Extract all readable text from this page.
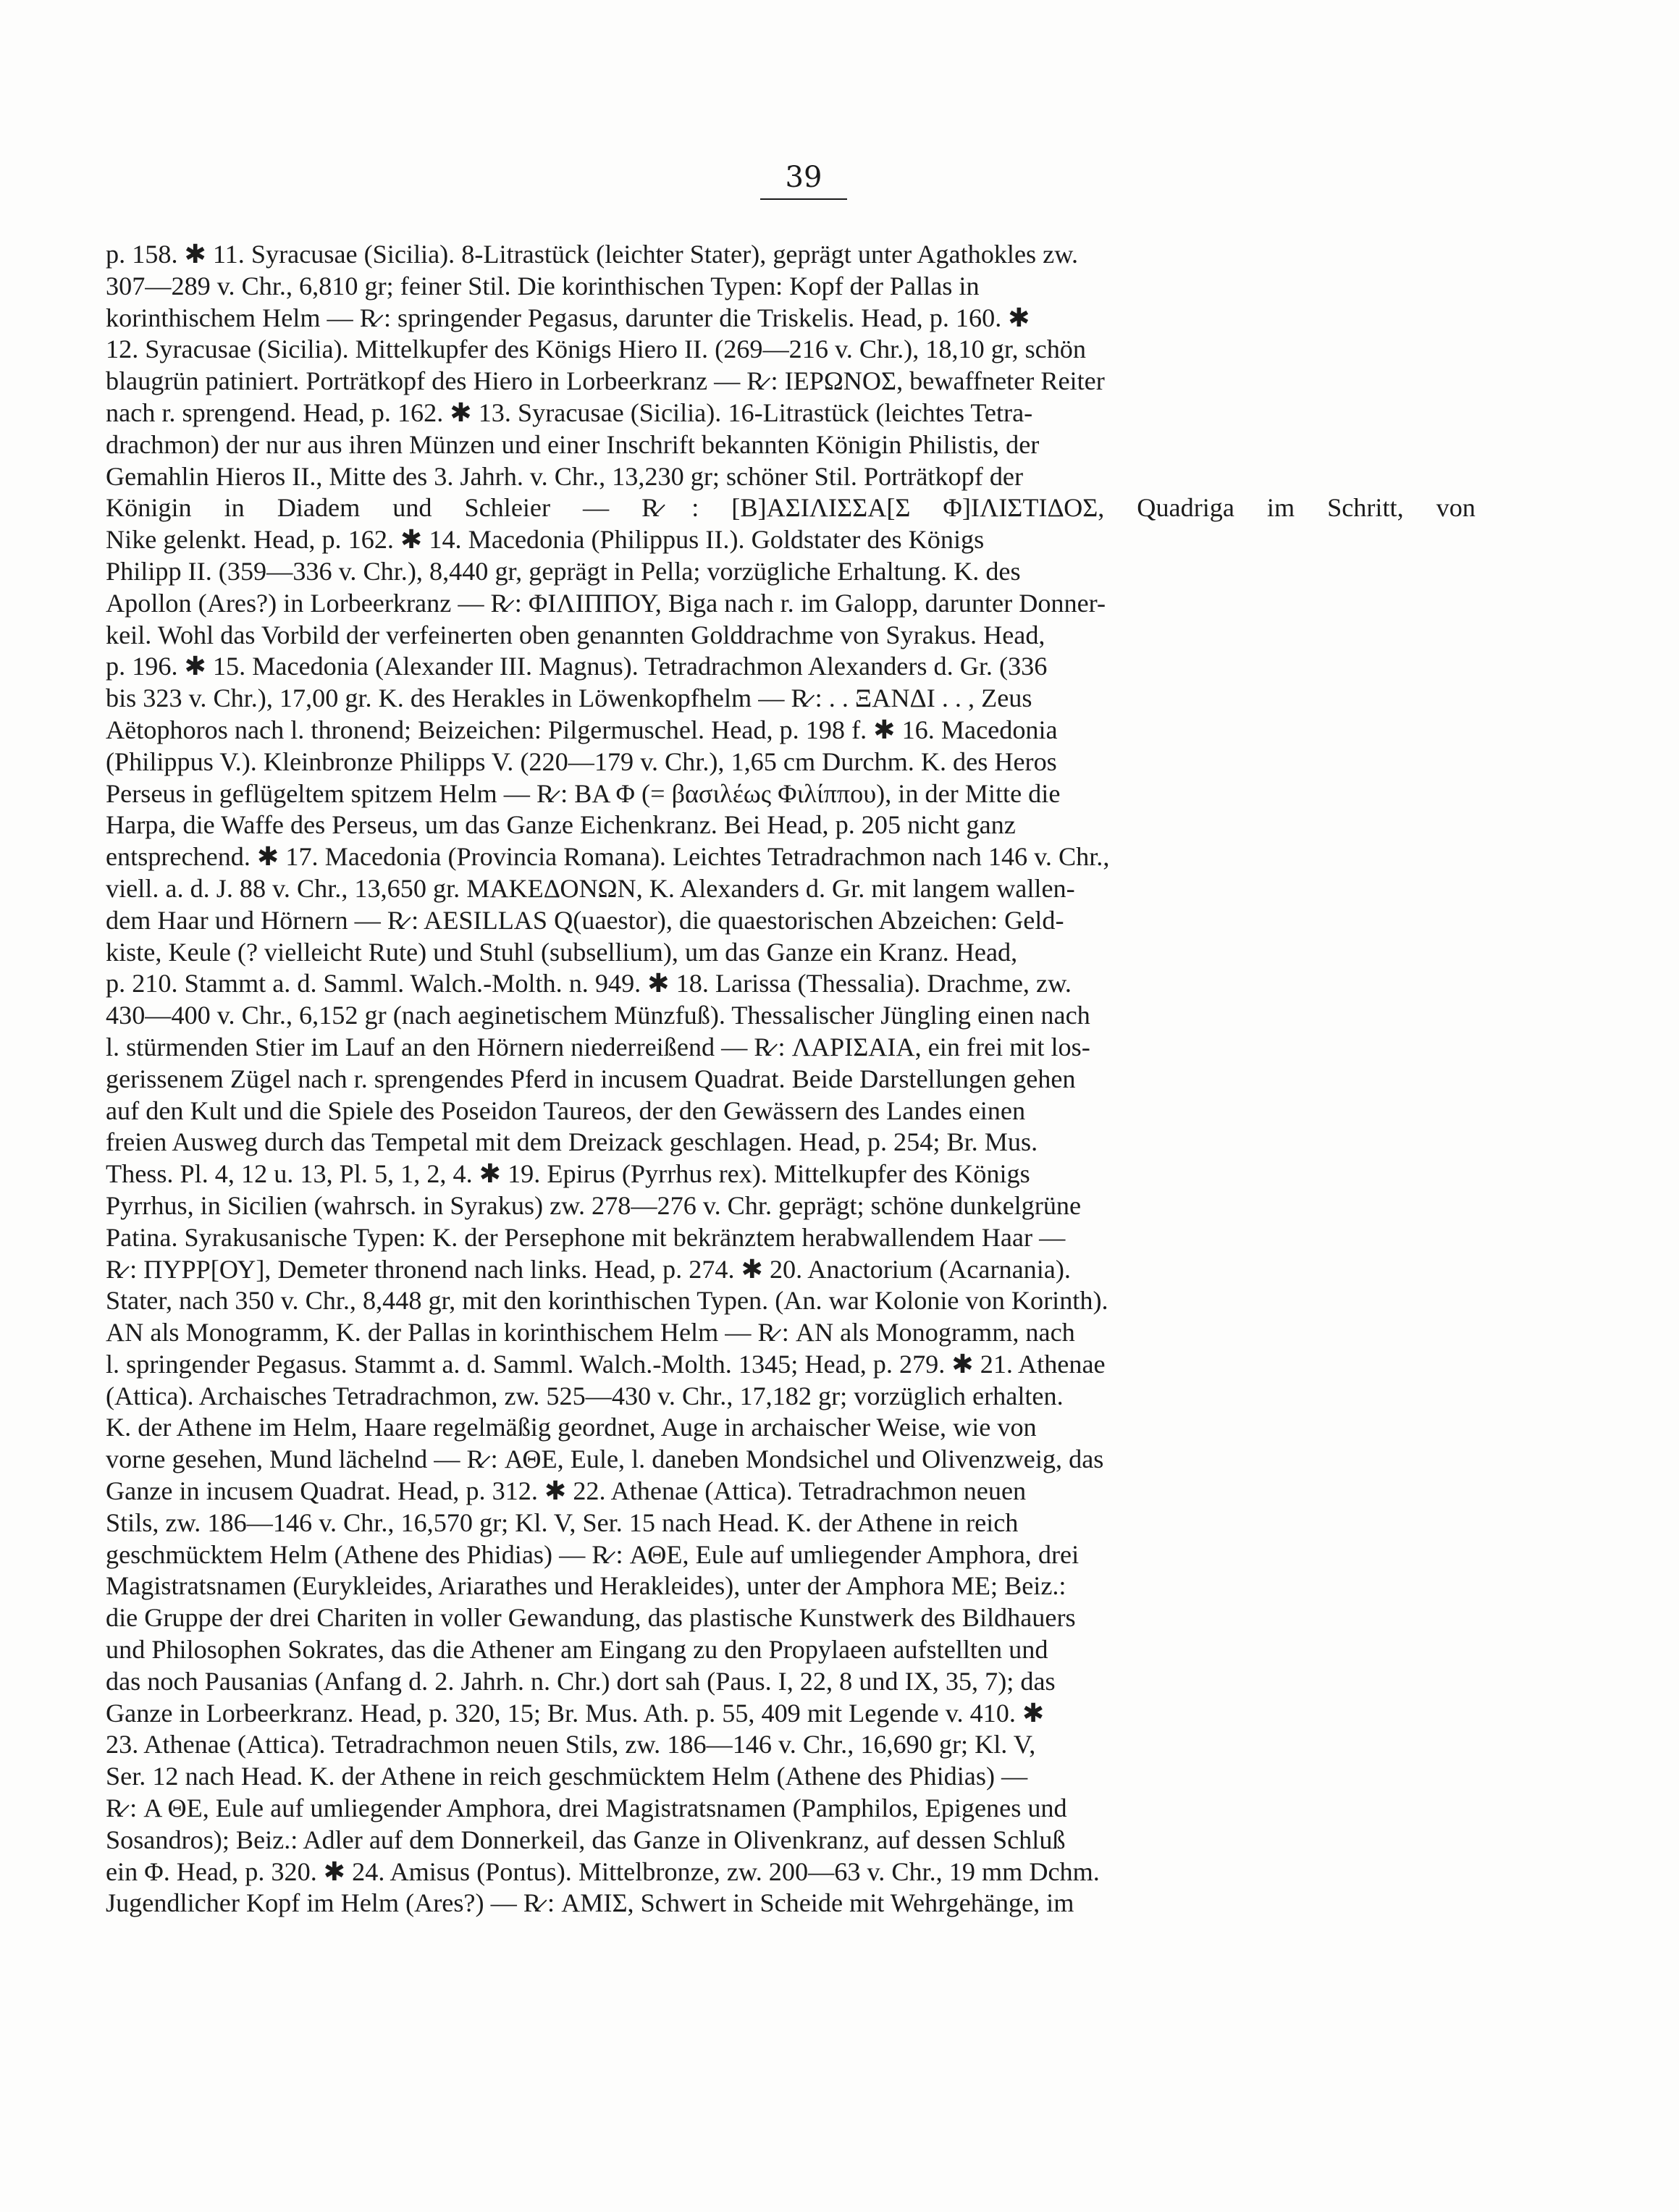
39
p. 158. ✱ 11. Syracusae (Sicilia). 8-Litrastück (leichter Stater), geprägt unter Agathokles zw.
307—289 v. Chr., 6,810 gr; feiner Stil. Die korinthischen Typen: Kopf der Pallas in
korinthischem Helm — R̷ : springender Pegasus, darunter die Triskelis. Head, p. 160. ✱
12. Syracusae (Sicilia). Mittelkupfer des Königs Hiero II. (269—216 v. Chr.), 18,10 gr, schön
blaugrün patiniert. Porträtkopf des Hiero in Lorbeerkranz — R̷ : ΙΕΡΩΝΟΣ, bewaffneter Reiter
nach r. sprengend. Head, p. 162. ✱ 13. Syracusae (Sicilia). 16-Litrastück (leichtes Tetra-
drachmon) der nur aus ihren Münzen und einer Inschrift bekannten Königin Philistis, der
Gemahlin Hieros II., Mitte des 3. Jahrh. v. Chr., 13,230 gr; schöner Stil. Porträtkopf der
Königin in Diadem und Schleier — R̷ : [Β]ΑΣΙΛΙΣΣΑ[Σ Φ]ΙΛΙΣΤΙΔΟΣ, Quadriga im Schritt, von
Nike gelenkt. Head, p. 162. ✱ 14. Macedonia (Philippus II.). Goldstater des Königs
Philipp II. (359—336 v. Chr.), 8,440 gr, geprägt in Pella; vorzügliche Erhaltung. K. des
Apollon (Ares?) in Lorbeerkranz — R̷ : ΦΙΛΙΠΠΟΥ, Biga nach r. im Galopp, darunter Donner-
keil. Wohl das Vorbild der verfeinerten oben genannten Golddrachme von Syrakus. Head,
p. 196. ✱ 15. Macedonia (Alexander III. Magnus). Tetradrachmon Alexanders d. Gr. (336
bis 323 v. Chr.), 17,00 gr. K. des Herakles in Löwenkopfhelm — R̷ : . . ΞΑΝΔΙ . . , Zeus
Aëtophoros nach l. thronend; Beizeichen: Pilgermuschel. Head, p. 198 f. ✱ 16. Macedonia
(Philippus V.). Kleinbronze Philipps V. (220—179 v. Chr.), 1,65 cm Durchm. K. des Heros
Perseus in geflügeltem spitzem Helm — R̷ : ΒΑ Φ (= βασιλέως Φιλίππου), in der Mitte die
Harpa, die Waffe des Perseus, um das Ganze Eichenkranz. Bei Head, p. 205 nicht ganz
entsprechend. ✱ 17. Macedonia (Provincia Romana). Leichtes Tetradrachmon nach 146 v. Chr.,
viell. a. d. J. 88 v. Chr., 13,650 gr. ΜΑΚΕΔΟΝΩΝ, K. Alexanders d. Gr. mit langem wallen-
dem Haar und Hörnern — R̷ : AESILLAS Q(uaestor), die quaestorischen Abzeichen: Geld-
kiste, Keule (? vielleicht Rute) und Stuhl (subsellium), um das Ganze ein Kranz. Head,
p. 210. Stammt a. d. Samml. Walch.-Molth. n. 949. ✱ 18. Larissa (Thessalia). Drachme, zw.
430—400 v. Chr., 6,152 gr (nach aeginetischem Münzfuß). Thessalischer Jüngling einen nach
l. stürmenden Stier im Lauf an den Hörnern niederreißend — R̷ : ΛΑΡΙΣΑΙΑ, ein frei mit los-
gerissenem Zügel nach r. sprengendes Pferd in incusem Quadrat. Beide Darstellungen gehen
auf den Kult und die Spiele des Poseidon Taureos, der den Gewässern des Landes einen
freien Ausweg durch das Tempetal mit dem Dreizack geschlagen. Head, p. 254; Br. Mus.
Thess. Pl. 4, 12 u. 13, Pl. 5, 1, 2, 4. ✱ 19. Epirus (Pyrrhus rex). Mittelkupfer des Königs
Pyrrhus, in Sicilien (wahrsch. in Syrakus) zw. 278—276 v. Chr. geprägt; schöne dunkelgrüne
Patina. Syrakusanische Typen: K. der Persephone mit bekränztem herabwallendem Haar —
R̷ : ΠΥΡΡ[ΟΥ], Demeter thronend nach links. Head, p. 274. ✱ 20. Anactorium (Acarnania).
Stater, nach 350 v. Chr., 8,448 gr, mit den korinthischen Typen. (An. war Kolonie von Korinth).
ΑΝ als Monogramm, K. der Pallas in korinthischem Helm — R̷ : ΑΝ als Monogramm, nach
l. springender Pegasus. Stammt a. d. Samml. Walch.-Molth. 1345; Head, p. 279. ✱ 21. Athenae
(Attica). Archaisches Tetradrachmon, zw. 525—430 v. Chr., 17,182 gr; vorzüglich erhalten.
K. der Athene im Helm, Haare regelmäßig geordnet, Auge in archaischer Weise, wie von
vorne gesehen, Mund lächelnd — R̷ : ΑΘΕ, Eule, l. daneben Mondsichel und Olivenzweig, das
Ganze in incusem Quadrat. Head, p. 312. ✱ 22. Athenae (Attica). Tetradrachmon neuen
Stils, zw. 186—146 v. Chr., 16,570 gr; Kl. V, Ser. 15 nach Head. K. der Athene in reich
geschmücktem Helm (Athene des Phidias) — R̷ : ΑΘΕ, Eule auf umliegender Amphora, drei
Magistratsnamen (Eurykleides, Ariarathes und Herakleides), unter der Amphora ΜΕ; Beiz.:
die Gruppe der drei Chariten in voller Gewandung, das plastische Kunstwerk des Bildhauers
und Philosophen Sokrates, das die Athener am Eingang zu den Propylaeen aufstellten und
das noch Pausanias (Anfang d. 2. Jahrh. n. Chr.) dort sah (Paus. I, 22, 8 und IX, 35, 7); das
Ganze in Lorbeerkranz. Head, p. 320, 15; Br. Mus. Ath. p. 55, 409 mit Legende v. 410. ✱
23. Athenae (Attica). Tetradrachmon neuen Stils, zw. 186—146 v. Chr., 16,690 gr; Kl. V,
Ser. 12 nach Head. K. der Athene in reich geschmücktem Helm (Athene des Phidias) —
R̷ : Α ΘΕ, Eule auf umliegender Amphora, drei Magistratsnamen (Pamphilos, Epigenes und
Sosandros); Beiz.: Adler auf dem Donnerkeil, das Ganze in Olivenkranz, auf dessen Schluß
ein Φ. Head, p. 320. ✱ 24. Amisus (Pontus). Mittelbronze, zw. 200—63 v. Chr., 19 mm Dchm.
Jugendlicher Kopf im Helm (Ares?) — R̷ : ΑΜΙΣ, Schwert in Scheide mit Wehrgehänge, im
